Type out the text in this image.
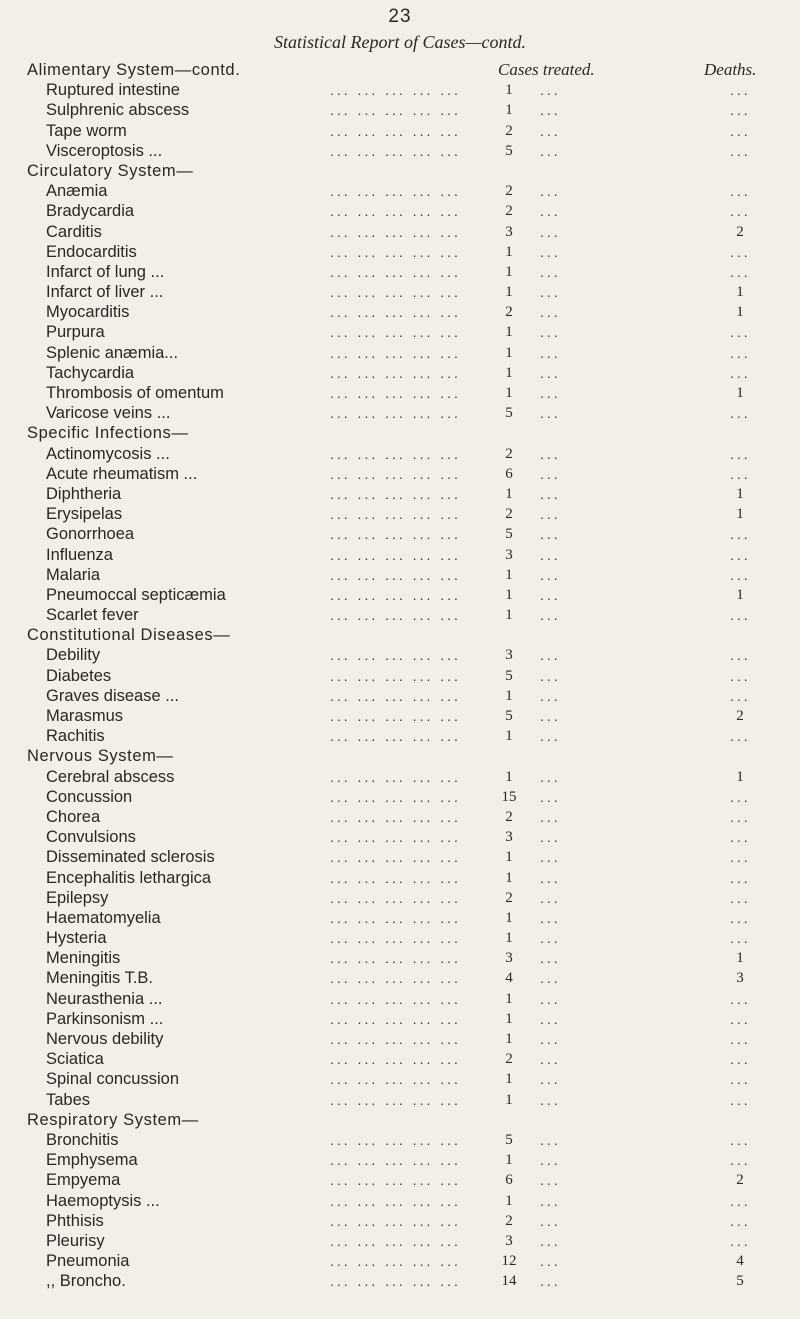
23
Statistical Report of Cases—contd.
Cases treated.	Deaths.
Alimentary System—contd.
Ruptured intestine	... ... ... ... ...	1	...	...
Sulphrenic abscess	... ... ... ... ...	1	...	...
Tape worm	... ... ... ... ...	2	...	...
Visceroptosis ...	... ... ... ... ...	5	...	...
Circulatory System—
Anæmia	... ... ... ... ...	2	...	...
Bradycardia	... ... ... ... ...	2	...	...
Carditis	... ... ... ... ...	3	...	2
Endocarditis	... ... ... ... ...	1	...	...
Infarct of lung ...	... ... ... ... ...	1	...	...
Infarct of liver ...	... ... ... ... ...	1	...	1
Myocarditis	... ... ... ... ...	2	...	1
Purpura	... ... ... ... ...	1	...	...
Splenic anæmia...	... ... ... ... ...	1	...	...
Tachycardia	... ... ... ... ...	1	...	...
Thrombosis of omentum	... ... ... ... ...	1	...	1
Varicose veins ...	... ... ... ... ...	5	...	...
Specific Infections—
Actinomycosis ...	... ... ... ... ...	2	...	...
Acute rheumatism ...	... ... ... ... ...	6	...	...
Diphtheria	... ... ... ... ...	1	...	1
Erysipelas	... ... ... ... ...	2	...	1
Gonorrhoea	... ... ... ... ...	5	...	...
Influenza	... ... ... ... ...	3	...	...
Malaria	... ... ... ... ...	1	...	...
Pneumoccal septicæmia	... ... ... ... ...	1	...	1
Scarlet fever	... ... ... ... ...	1	...	...
Constitutional Diseases—
Debility	... ... ... ... ...	3	...	...
Diabetes	... ... ... ... ...	5	...	...
Graves disease ...	... ... ... ... ...	1	...	...
Marasmus	... ... ... ... ...	5	...	2
Rachitis	... ... ... ... ...	1	...	...
Nervous System—
Cerebral abscess	... ... ... ... ...	1	...	1
Concussion	... ... ... ... ...	15	...	...
Chorea	... ... ... ... ...	2	...	...
Convulsions	... ... ... ... ...	3	...	...
Disseminated sclerosis	... ... ... ... ...	1	...	...
Encephalitis lethargica	... ... ... ... ...	1	...	...
Epilepsy	... ... ... ... ...	2	...	...
Haematomyelia	... ... ... ... ...	1	...	...
Hysteria	... ... ... ... ...	1	...	...
Meningitis	... ... ... ... ...	3	...	1
Meningitis T.B.	... ... ... ... ...	4	...	3
Neurasthenia ...	... ... ... ... ...	1	...	...
Parkinsonism ...	... ... ... ... ...	1	...	...
Nervous debility	... ... ... ... ...	1	...	...
Sciatica	... ... ... ... ...	2	...	...
Spinal concussion	... ... ... ... ...	1	...	...
Tabes	... ... ... ... ...	1	...	...
Respiratory System—
Bronchitis	... ... ... ... ...	5	...	...
Emphysema	... ... ... ... ...	1	...	...
Empyema	... ... ... ... ...	6	...	2
Haemoptysis ...	... ... ... ... ...	1	...	...
Phthisis	... ... ... ... ...	2	...	...
Pleurisy	... ... ... ... ...	3	...	...
Pneumonia	... ... ... ... ...	12	...	4
,, Broncho.	... ... ... ... ...	14	...	5
